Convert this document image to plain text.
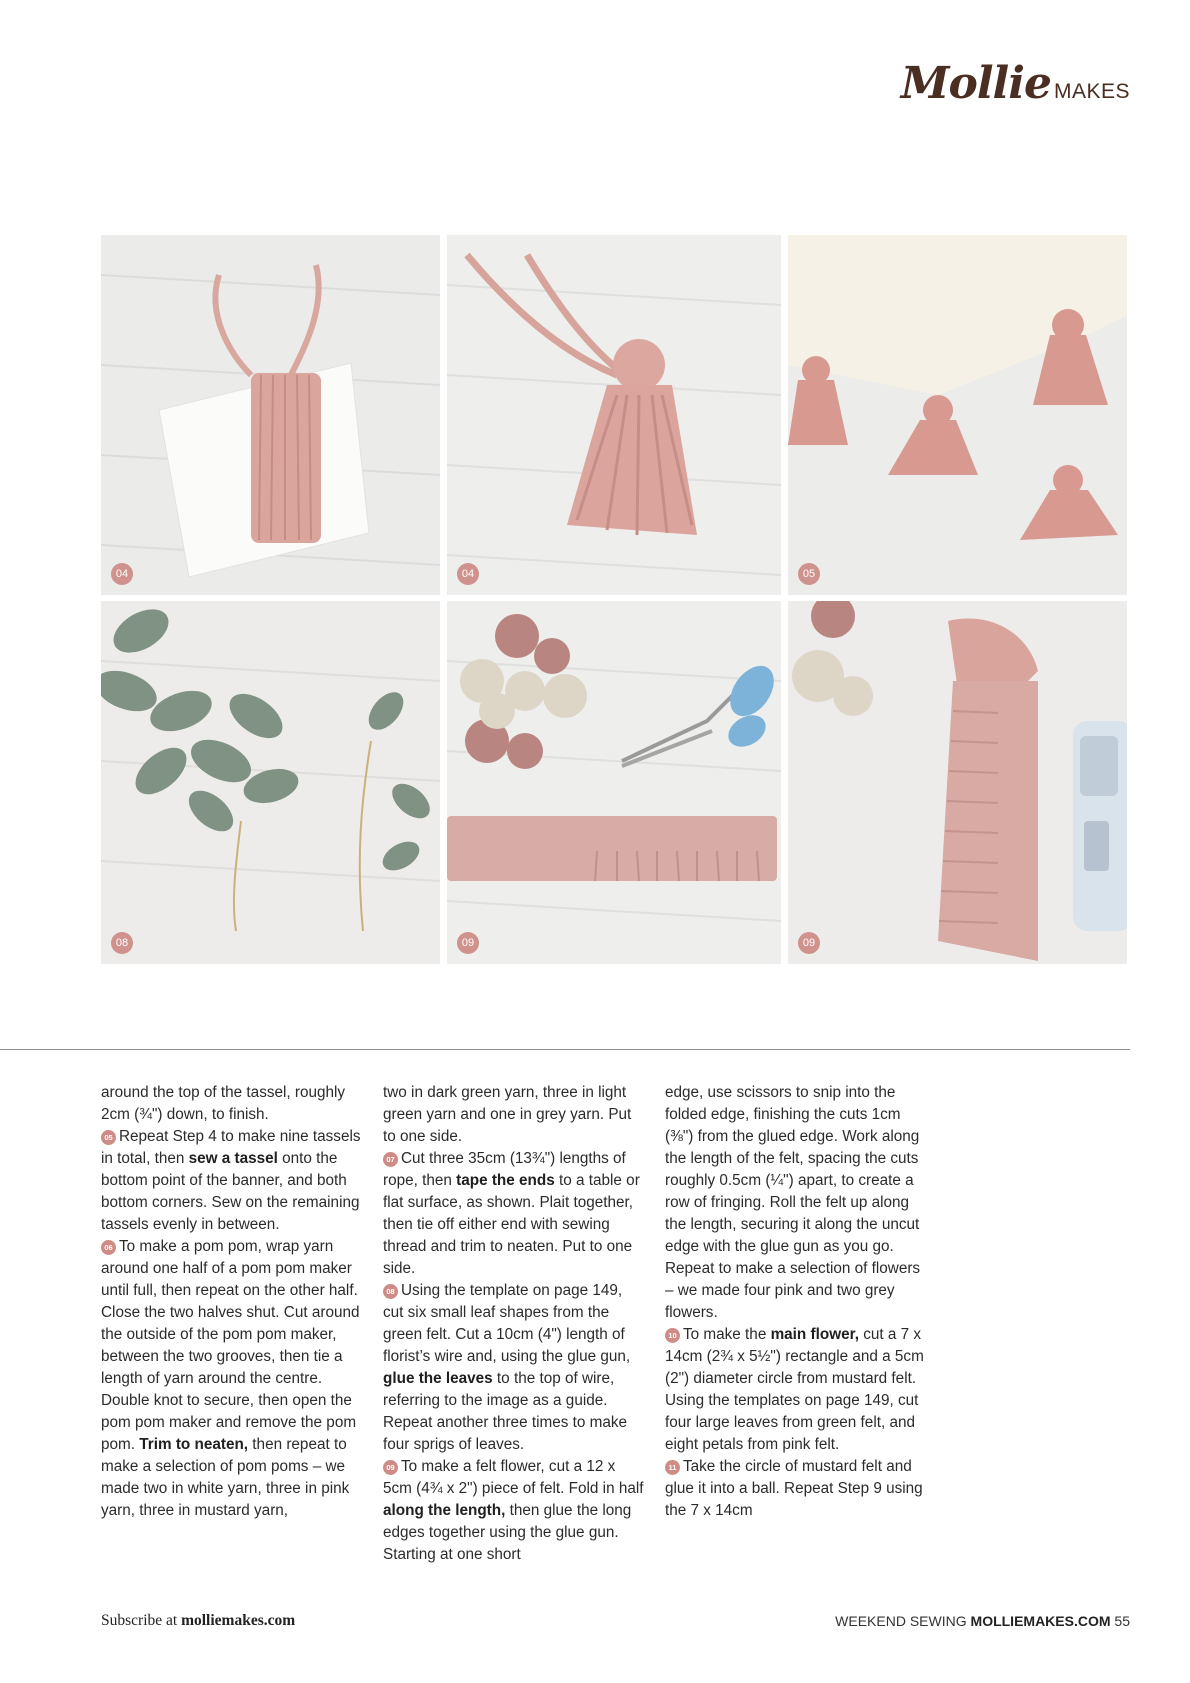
Mollie MAKES
04	04	05
08	09	09

around the top of the tassel, roughly 2cm (¾") down, to finish.

05 Repeat Step 4 to make nine tassels in total, then sew a tassel onto the bottom point of the banner, and both bottom corners. Sew on the remaining tassels evenly in between.

06 To make a pom pom, wrap yarn around one half of a pom pom maker until full, then repeat on the other half. Close the two halves shut. Cut around the outside of the pom pom maker, between the two grooves, then tie a length of yarn around the centre. Double knot to secure, then open the pom pom maker and remove the pom pom. Trim to neaten, then repeat to make a selection of pom poms – we made two in white yarn, three in pink yarn, three in mustard yarn,

two in dark green yarn, three in light green yarn and one in grey yarn. Put to one side.

07 Cut three 35cm (13¾") lengths of rope, then tape the ends to a table or flat surface, as shown. Plait together, then tie off either end with sewing thread and trim to neaten. Put to one side.

08 Using the template on page 149, cut six small leaf shapes from the green felt. Cut a 10cm (4") length of florist’s wire and, using the glue gun, glue the leaves to the top of wire, referring to the image as a guide. Repeat another three times to make four sprigs of leaves.

09 To make a felt flower, cut a 12 x 5cm (4¾ x 2") piece of felt. Fold in half along the length, then glue the long edges together using the glue gun. Starting at one short

edge, use scissors to snip into the folded edge, finishing the cuts 1cm (⅜") from the glued edge. Work along the length of the felt, spacing the cuts roughly 0.5cm (¼") apart, to create a row of fringing. Roll the felt up along the length, securing it along the uncut edge with the glue gun as you go. Repeat to make a selection of flowers – we made four pink and two grey flowers.

10 To make the main flower, cut a 7 x 14cm (2¾ x 5½") rectangle and a 5cm (2") diameter circle from mustard felt. Using the templates on page 149, cut four large leaves from green felt, and eight petals from pink felt.

11 Take the circle of mustard felt and glue it into a ball. Repeat Step 9 using the 7 x 14cm

Subscribe at molliemakes.com	WEEKEND SEWING MOLLIEMAKES.COM 55
